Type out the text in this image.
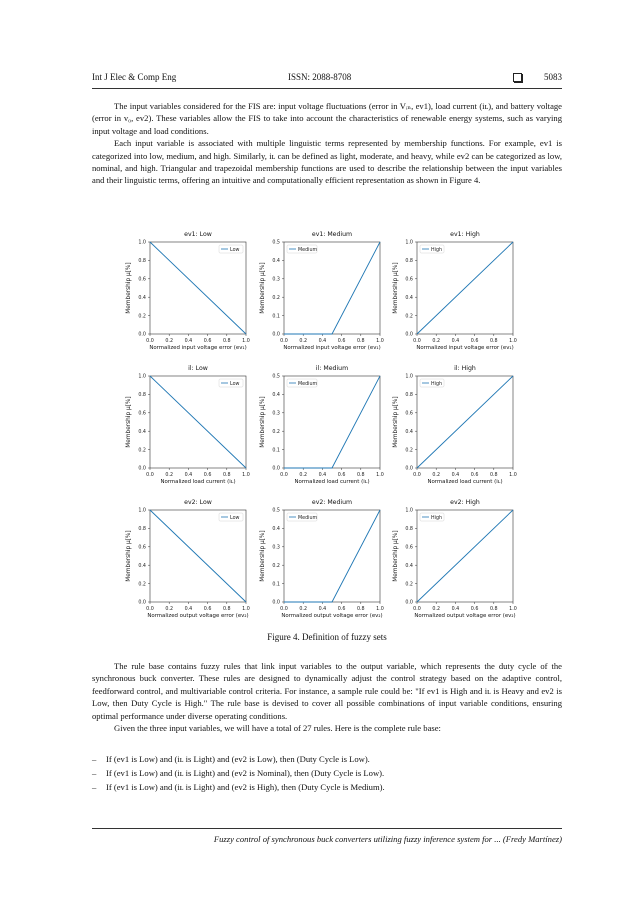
Int J Elec & Comp Eng	ISSN: 2088-8708	5083

The input variables considered for the FIS are: input voltage fluctuations (error in Vᵢₙ, ev1), load current (iʟ), and battery voltage (error in v₀, ev2). These variables allow the FIS to take into account the characteristics of renewable energy systems, such as varying input voltage and load conditions.

Each input variable is associated with multiple linguistic terms represented by membership functions. For example, ev1 is categorized into low, medium, and high. Similarly, iʟ can be defined as light, moderate, and heavy, while ev2 can be categorized as low, nominal, and high. Triangular and trapezoidal membership functions are used to describe the relationship between the input variables and their linguistic terms, offering an intuitive and computationally efficient representation as shown in Figure 4.

ev1: Low
0.0 0.2 0.4 0.6 0.8 1.0
0.0
0.2
0.4
0.6
0.8
1.0
Normalized input voltage error (ev₁)
Membership μ[%]
Low
ev1: Medium
0.0 0.2 0.4 0.6 0.8 1.0
0.0
0.1
0.2
0.3
0.4
0.5
Normalized input voltage error (ev₁)
Membership μ[%]
Medium
ev1: High
0.0 0.2 0.4 0.6 0.8 1.0
0.0
0.2
0.4
0.6
0.8
1.0
Normalized input voltage error (ev₁)
Membership μ[%]
High
il: Low
0.0 0.2 0.4 0.6 0.8 1.0
0.0
0.2
0.4
0.6
0.8
1.0
Normalized load current (iʟ)
Membership μ[%]
Low
il: Medium
0.0 0.2 0.4 0.6 0.8 1.0
0.0
0.1
0.2
0.3
0.4
0.5
Normalized load current (iʟ)
Membership μ[%]
Medium
il: High
0.0 0.2 0.4 0.6 0.8 1.0
0.0
0.2
0.4
0.6
0.8
1.0
Normalized load current (iʟ)
Membership μ[%]
High
ev2: Low
0.0 0.2 0.4 0.6 0.8 1.0
0.0
0.2
0.4
0.6
0.8
1.0
Normalized output voltage error (ev₂)
Membership μ[%]
Low
ev2: Medium
0.0 0.2 0.4 0.6 0.8 1.0
0.0
0.1
0.2
0.3
0.4
0.5
Normalized output voltage error (ev₂)
Membership μ[%]
Medium
ev2: High
0.0 0.2 0.4 0.6 0.8 1.0
0.0
0.2
0.4
0.6
0.8
1.0
Normalized output voltage error (ev₂)
Membership μ[%]
High
Figure 4. Definition of fuzzy sets

The rule base contains fuzzy rules that link input variables to the output variable, which represents the duty cycle of the synchronous buck converter. These rules are designed to dynamically adjust the control strategy based on the adaptive control, feedforward control, and multivariable control criteria. For instance, a sample rule could be: "If ev1 is High and iʟ is Heavy and ev2 is Low, then Duty Cycle is High." The rule base is devised to cover all possible combinations of input variable conditions, ensuring optimal performance under diverse operating conditions.

Given the three input variables, we will have a total of 27 rules. Here is the complete rule base:

– If (ev1 is Low) and (iʟ is Light) and (ev2 is Low), then (Duty Cycle is Low).
– If (ev1 is Low) and (iʟ is Light) and (ev2 is Nominal), then (Duty Cycle is Low).
– If (ev1 is Low) and (iʟ is Light) and (ev2 is High), then (Duty Cycle is Medium).
Fuzzy control of synchronous buck converters utilizing fuzzy inference system for ... (Fredy Martínez)
